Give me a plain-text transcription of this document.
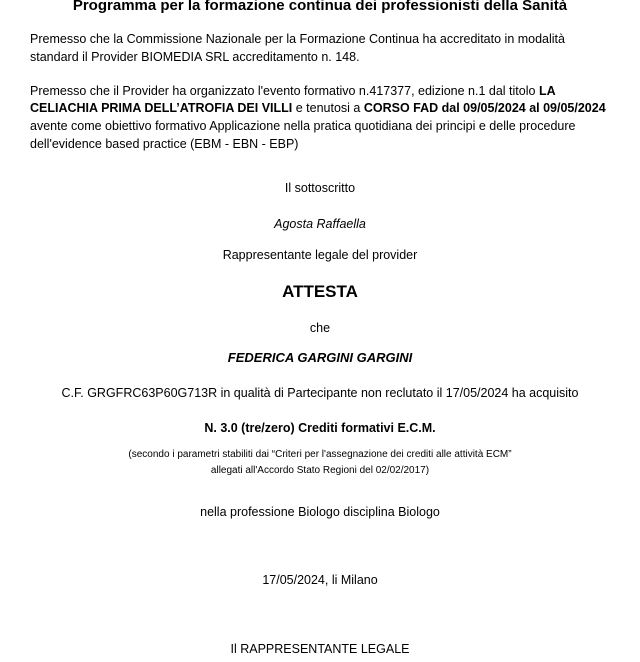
Programma per la formazione continua dei professionisti della Sanità

Premesso che la Commissione Nazionale per la Formazione Continua ha accreditato in modalità standard il Provider BIOMEDIA SRL accreditamento n. 148.

Premesso che il Provider ha organizzato l'evento formativo n.417377, edizione n.1 dal titolo LA CELIACHIA PRIMA DELL’ATROFIA DEI VILLI e tenutosi a CORSO FAD dal 09/05/2024 al 09/05/2024 avente come obiettivo formativo Applicazione nella pratica quotidiana dei principi e delle procedure dell'evidence based practice (EBM - EBN - EBP)

Il sottoscritto

Agosta Raffaella

Rappresentante legale del provider

ATTESTA

che

FEDERICA GARGINI GARGINI

C.F. GRGFRC63P60G713R in qualità di Partecipante non reclutato il 17/05/2024 ha acquisito

N. 3.0 (tre/zero) Crediti formativi E.C.M.

(secondo i parametri stabiliti dai “Criteri per l'assegnazione dei crediti alle attività ECM”
allegati all'Accordo Stato Regioni del 02/02/2017)

nella professione Biologo disciplina Biologo

17/05/2024, li Milano

Il RAPPRESENTANTE LEGALE
